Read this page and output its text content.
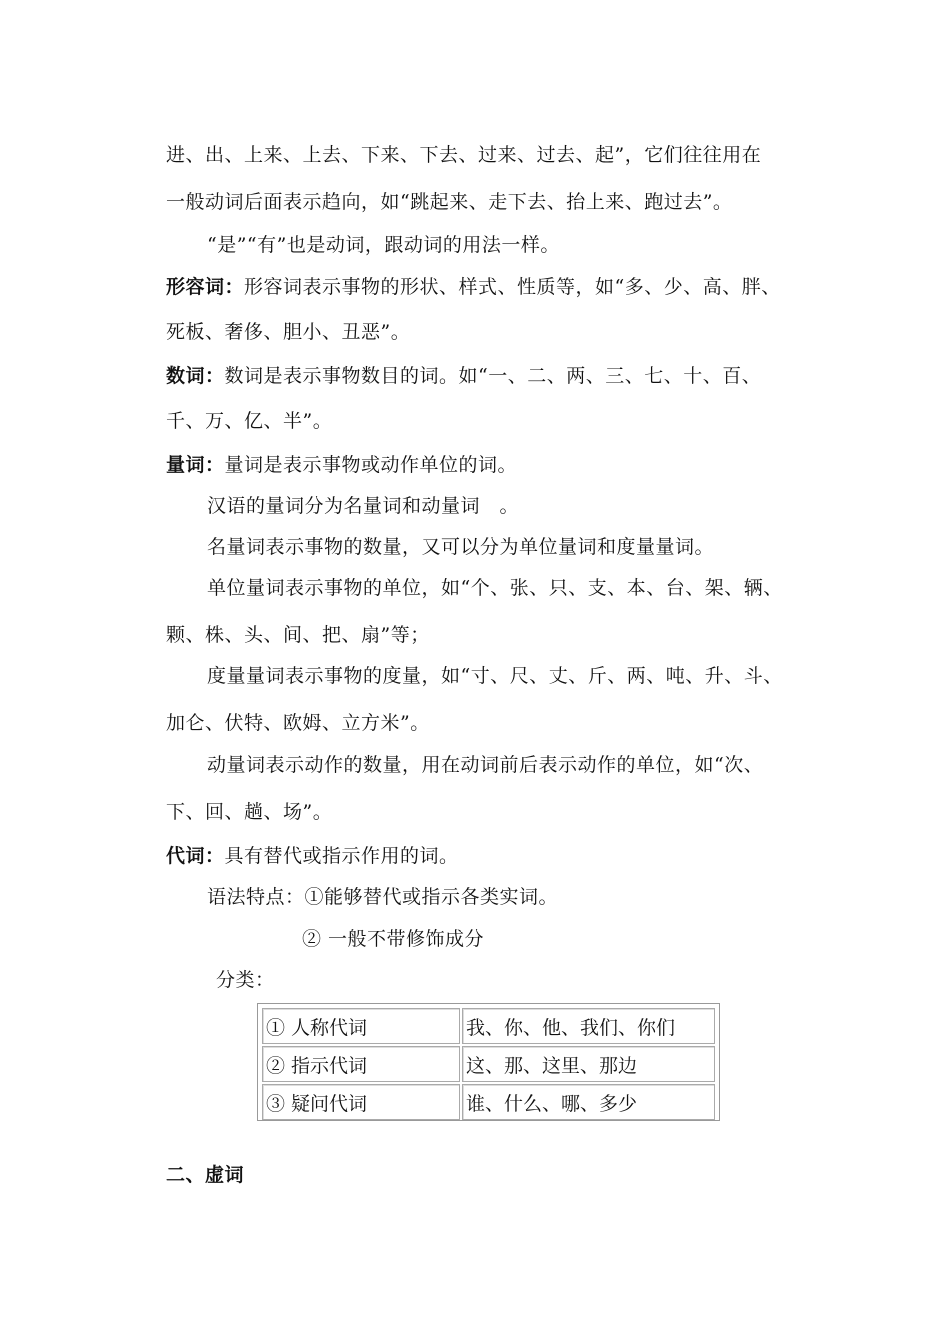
进、出、上来、上去、下来、下去、过来、过去、起”，它们往往用在
一般动词后面表示趋向，如“跳起来、走下去、抬上来、跑过去”。
“是”“有”也是动词，跟动词的用法一样。
形容词：形容词表示事物的形状、样式、性质等，如“多、少、高、胖、
死板、奢侈、胆小、丑恶”。
数词：数词是表示事物数目的词。如“一、二、两、三、七、十、百、
千、万、亿、半”。
量词：量词是表示事物或动作单位的词。
汉语的量词分为名量词和动量词　。
名量词表示事物的数量，又可以分为单位量词和度量量词。
单位量词表示事物的单位，如“个、张、只、支、本、台、架、辆、
颗、株、头、间、把、扇”等；
度量量词表示事物的度量，如“寸、尺、丈、斤、两、吨、升、斗、
加仑、伏特、欧姆、立方米”。
动量词表示动作的数量，用在动词前后表示动作的单位，如“次、
下、回、趟、场”。
代词：具有替代或指示作用的词。
语法特点：①能够替代或指示各类实词。
② 一般不带修饰成分
分类：
① 人称代词	我、你、他、我们、你们
② 指示代词	这、那、这里、那边
③ 疑问代词	谁、什么、哪、多少
二、虚词
